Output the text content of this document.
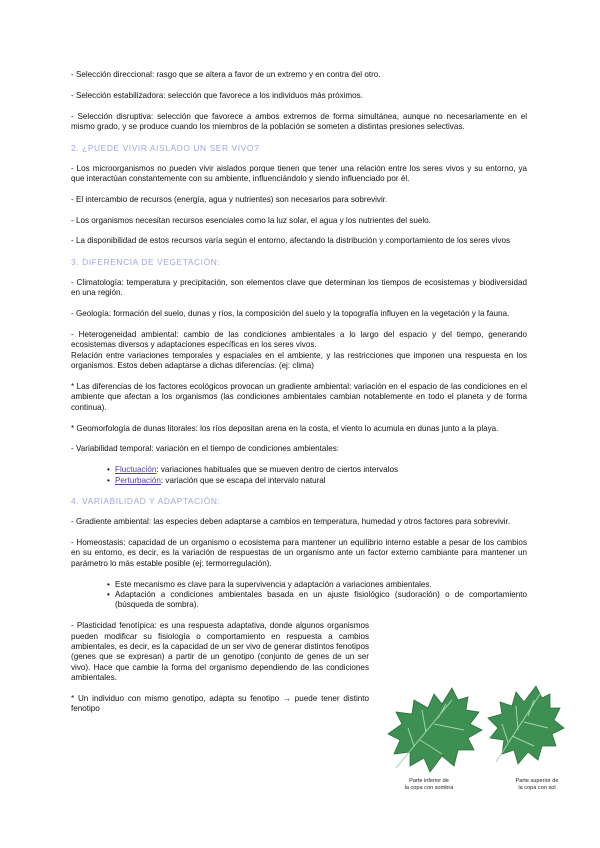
- Selección direccional: rasgo que se altera a favor de un extremo y en contra del otro.

- Selección estabilizadora: selección que favorece a los individuos más próximos.

- Selección disruptiva: selección que favorece a ambos extremos de forma simultánea, aunque no necesariamente en el mismo grado, y se produce cuando los miembros de la población se someten a distintas presiones selectivas.

2. ¿PUEDE VIVIR AISLADO UN SER VIVO?

- Los microorganismos no pueden vivir aislados porque tienen que tener una relación entre los seres vivos y su entorno, ya que interactúan constantemente con su ambiente, influenciándolo y siendo influenciado por él.

- El intercambio de recursos (energía, agua y nutrientes) son necesarios para sobrevivir.

- Los organismos necesitan recursos esenciales como la luz solar, el agua y los nutrientes del suelo.

- La disponibilidad de estos recursos varía según el entorno, afectando la distribución y comportamiento de los seres vivos

3. DIFERENCIA DE VEGETACIÓN:

- Climatología: temperatura y precipitación, son elementos clave que determinan los tiempos de ecosistemas y biodiversidad en una región.

- Geología: formación del suelo, dunas y ríos, la composición del suelo y la topografía influyen en la vegetación y la fauna.

- Heterogeneidad ambiental: cambio de las condiciones ambientales a lo largo del espacio y del tiempo, generando ecosistemas diversos y adaptaciones específicas en los seres vivos.

Relación entre variaciones temporales y espaciales en el ambiente, y las restricciones que imponen una respuesta en los organismos. Estos deben adaptarse a dichas diferencias. (ej: clima)

* Las diferencias de los factores ecológicos provocan un gradiente ambiental: variación en el espacio de las condiciones en el ambiente que afectan a los organismos (las condiciones ambientales cambian notablemente en todo el planeta y de forma continua).

* Geomorfología de dunas litorales: los ríos depositan arena en la costa, el viento lo acumula en dunas junto a la playa.

- Variabilidad temporal: variación en el tiempo de condiciones ambientales:

• Fluctuación: variaciones habituales que se mueven dentro de ciertos intervalos
• Perturbación: variación que se escapa del intervalo natural
4. VARIABILIDAD Y ADAPTACIÓN:

- Gradiente ambiental: las especies deben adaptarse a cambios en temperatura, humedad y otros factores para sobrevivir.

- Homeostasis: capacidad de un organismo o ecosistema para mantener un equilibrio interno estable a pesar de los cambios en su entorno, es decir, es la variación de respuestas de un organismo ante un factor externo cambiante para mantener un parámetro lo más estable posible (ej: termorregulación).

• Este mecanismo es clave para la supervivencia y adaptación a variaciones ambientales.
• Adaptación a condiciones ambientales basada en un ajuste fisiológico (sudoración) o de comportamiento (búsqueda de sombra).

- Plasticidad fenotípica: es una respuesta adaptativa, donde algunos organismos pueden modificar su fisiología o comportamiento en respuesta a cambios ambientales, es decir, es la capacidad de un ser vivo de generar distintos fenotipos (genes que se expresan) a partir de un genotipo (conjunto de genes de un ser vivo). Hace que cambie la forma del organismo dependiendo de las condiciones ambientales.

* Un individuo con mismo genotipo, adapta su fenotipo → puede tener distinto fenotipo

Parte inferior de
la copa con sombra
Parte superior de
la copa con sol
